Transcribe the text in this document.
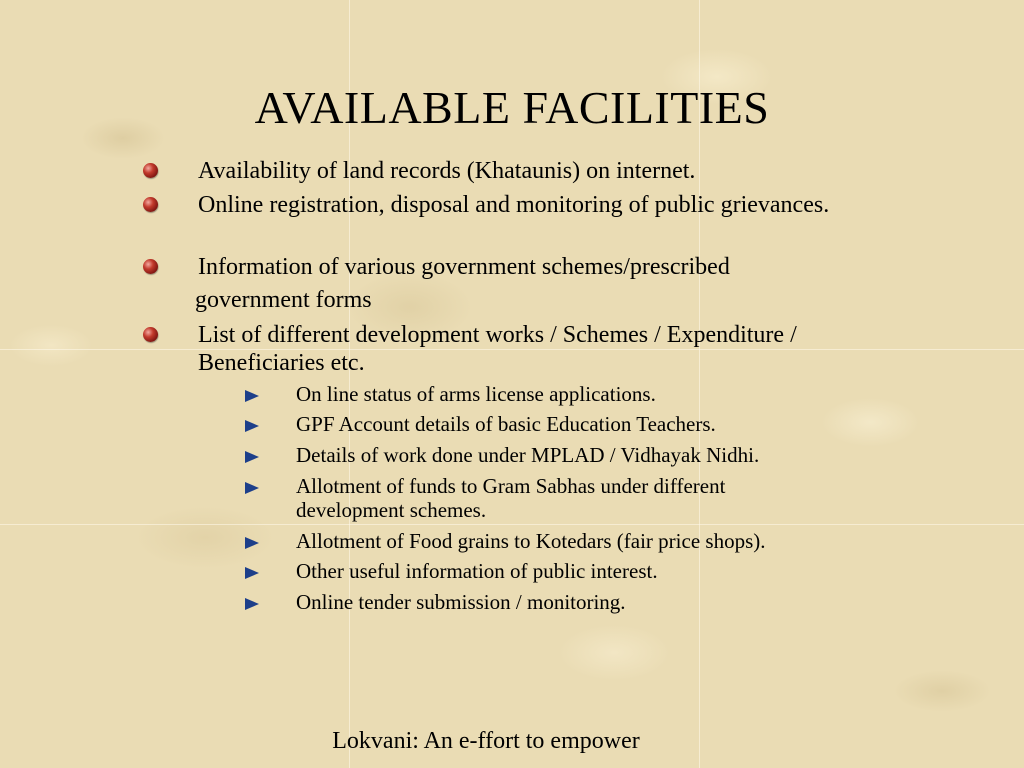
AVAILABLE FACILITIES
Availability of land records (Khataunis) on internet.
Online registration, disposal and monitoring of public grievances.
Information of various government schemes/prescribed
government forms
List of different development works / Schemes / Expenditure / Beneficiaries etc.
On line status of arms license applications.
GPF Account details of basic Education Teachers.
Details of work done under MPLAD / Vidhayak Nidhi.
Allotment of funds to Gram Sabhas under different development schemes.
Allotment of Food grains to Kotedars (fair price shops).
Other useful information of public interest.
Online tender submission / monitoring.
Lokvani: An e-ffort to empower
